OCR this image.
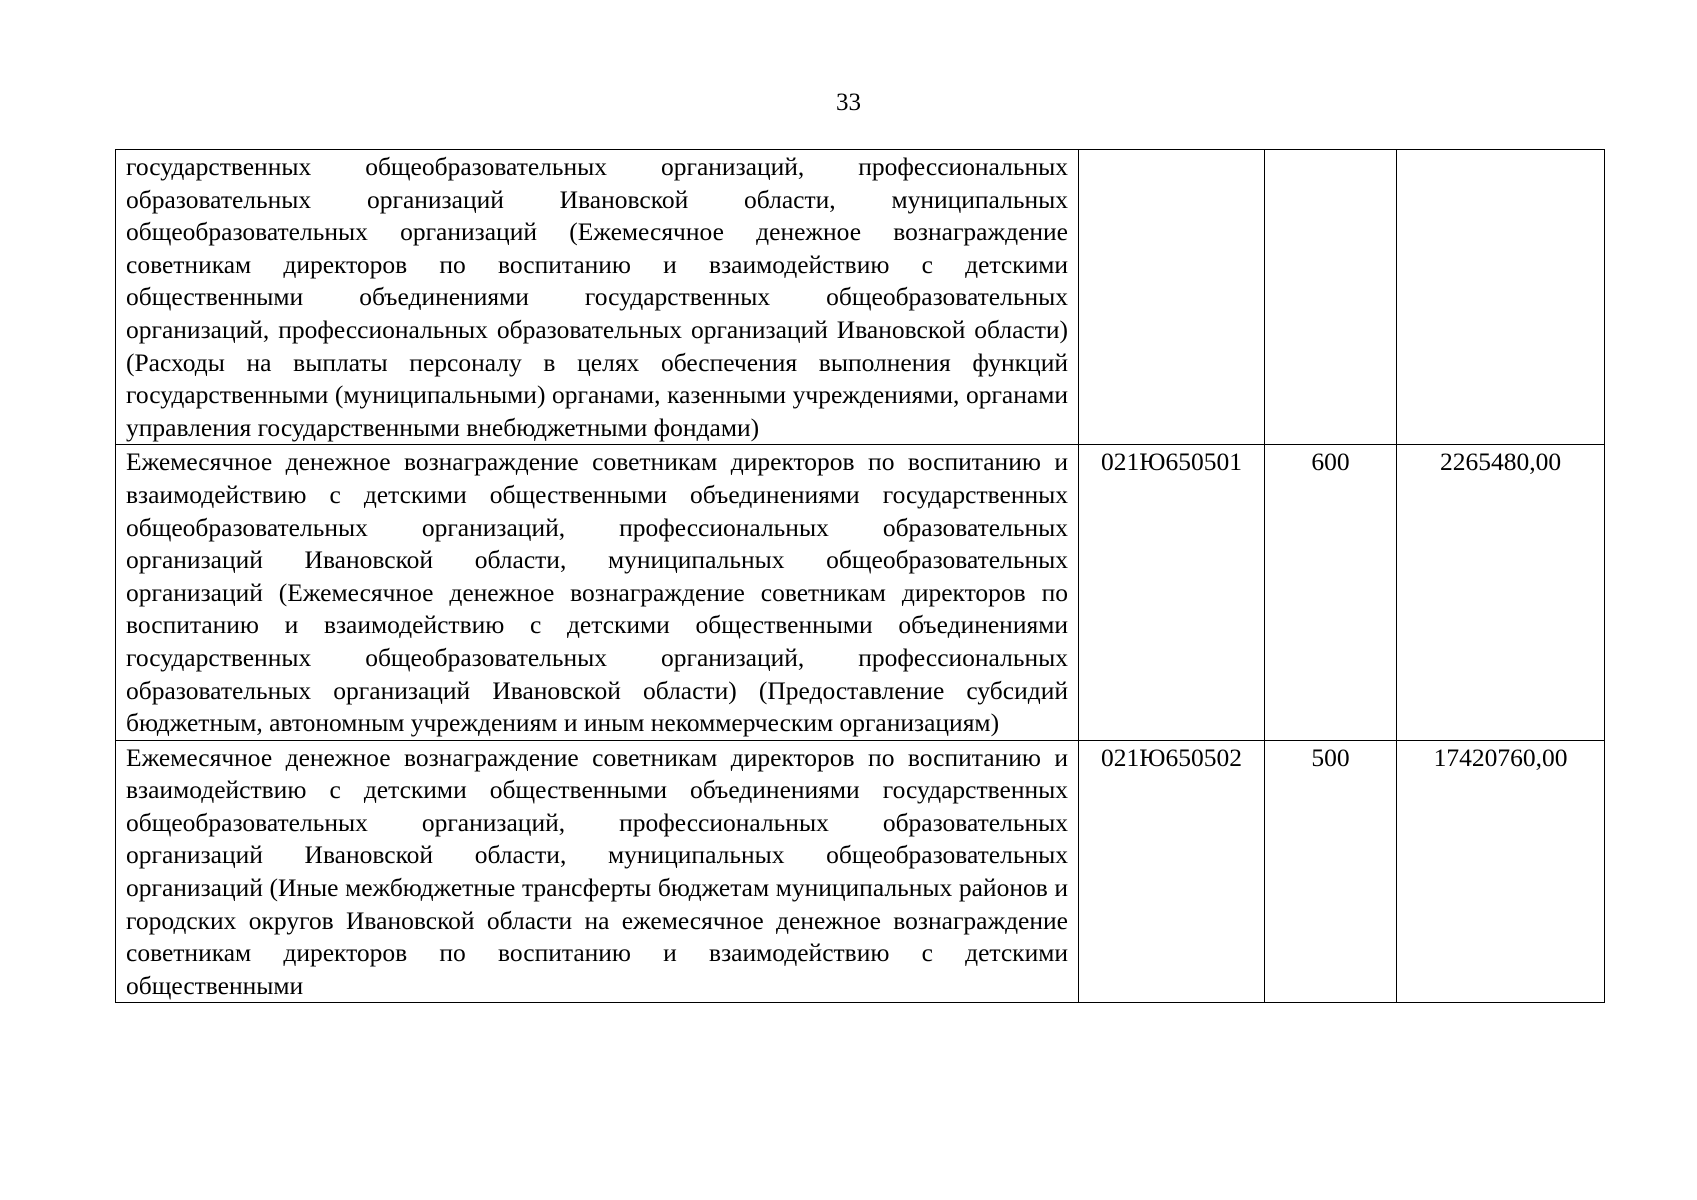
33
государственных общеобразовательных организаций, профессиональных образовательных организаций Ивановской области, муниципальных общеобразовательных организаций (Ежемесячное денежное вознаграждение советникам директоров по воспитанию и взаимодействию с детскими общественными объединениями государственных общеобразовательных организаций, профессиональных образовательных организаций Ивановской области) (Расходы на выплаты персоналу в целях обеспечения выполнения функций государственными (муниципальными) органами, казенными учреждениями, органами управления государственными внебюджетными фондами)			
Ежемесячное денежное вознаграждение советникам директоров по воспитанию и взаимодействию с детскими общественными объединениями государственных общеобразовательных организаций, профессиональных образовательных организаций Ивановской области, муниципальных общеобразовательных организаций (Ежемесячное денежное вознаграждение советникам директоров по воспитанию и взаимодействию с детскими общественными объединениями государственных общеобразовательных организаций, профессиональных образовательных организаций Ивановской области) (Предоставление субсидий бюджетным, автономным учреждениям и иным некоммерческим организациям)	021Ю650501	600	2265480,00
Ежемесячное денежное вознаграждение советникам директоров по воспитанию и взаимодействию с детскими общественными объединениями государственных общеобразовательных организаций, профессиональных образовательных организаций Ивановской области, муниципальных общеобразовательных организаций (Иные межбюджетные трансферты бюджетам муниципальных районов и городских округов Ивановской области на ежемесячное денежное вознаграждение советникам директоров по воспитанию и взаимодействию с детскими общественными	021Ю650502	500	17420760,00
